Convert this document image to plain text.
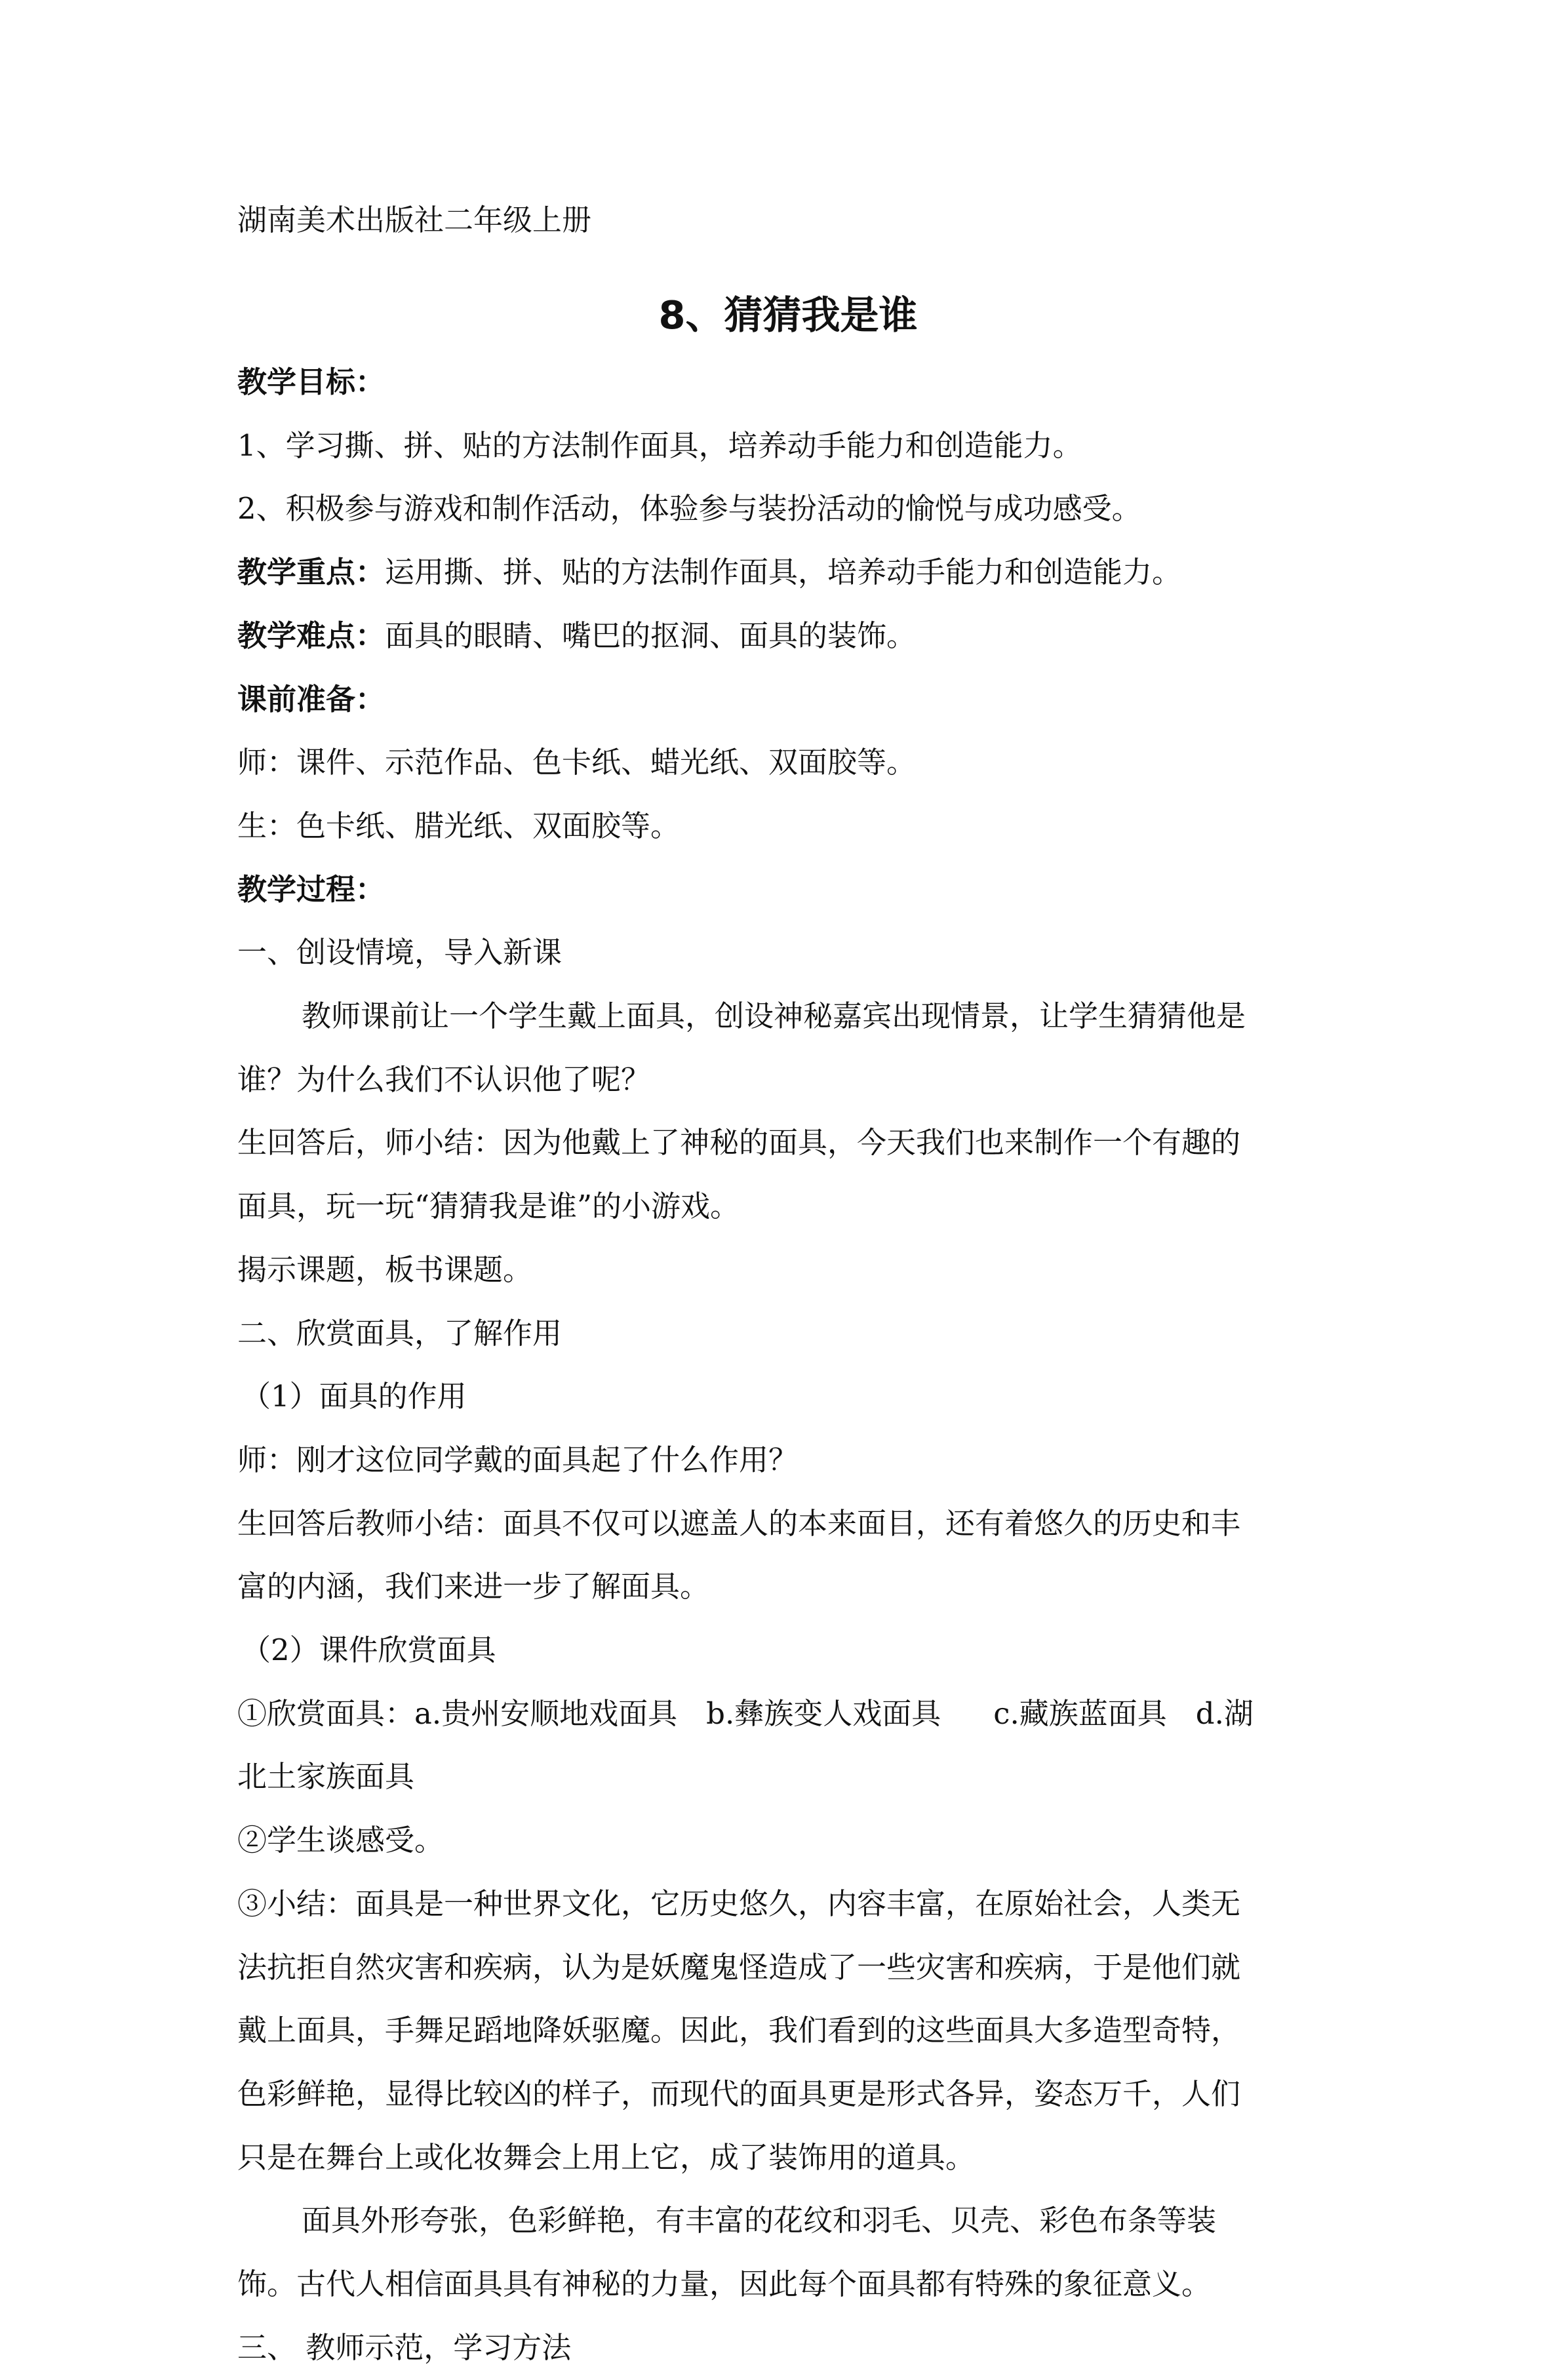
湖南美术出版社二年级上册

8、猜猜我是谁

教学目标：

1、学习撕、拼、贴的方法制作面具，培养动手能力和创造能力。

2、积极参与游戏和制作活动，体验参与装扮活动的愉悦与成功感受。

教学重点：运用撕、拼、贴的方法制作面具，培养动手能力和创造能力。

教学难点：面具的眼睛、嘴巴的抠洞、面具的装饰。

课前准备：

师：课件、示范作品、色卡纸、蜡光纸、双面胶等。

生：色卡纸、腊光纸、双面胶等。

教学过程：

一、创设情境，导入新课

教师课前让一个学生戴上面具，创设神秘嘉宾出现情景，让学生猜猜他是

谁？为什么我们不认识他了呢？

生回答后，师小结：因为他戴上了神秘的面具，今天我们也来制作一个有趣的

面具，玩一玩“猜猜我是谁”的小游戏。

揭示课题，板书课题。

二、欣赏面具，了解作用

（1）面具的作用

师：刚才这位同学戴的面具起了什么作用？

生回答后教师小结：面具不仅可以遮盖人的本来面目，还有着悠久的历史和丰

富的内涵，我们来进一步了解面具。

（2）课件欣赏面具

①欣赏面具：a.贵州安顺地戏面具 b.彝族变人戏面具 c.藏族蓝面具 d.湖

北土家族面具

②学生谈感受。

③小结：面具是一种世界文化，它历史悠久，内容丰富，在原始社会，人类无

法抗拒自然灾害和疾病，认为是妖魔鬼怪造成了一些灾害和疾病，于是他们就

戴上面具，手舞足蹈地降妖驱魔。因此，我们看到的这些面具大多造型奇特，

色彩鲜艳，显得比较凶的样子，而现代的面具更是形式各异，姿态万千，人们

只是在舞台上或化妆舞会上用上它，成了装饰用的道具。

面具外形夸张，色彩鲜艳，有丰富的花纹和羽毛、贝壳、彩色布条等装

饰。古代人相信面具具有神秘的力量，因此每个面具都有特殊的象征意义。

三、 教师示范，学习方法
